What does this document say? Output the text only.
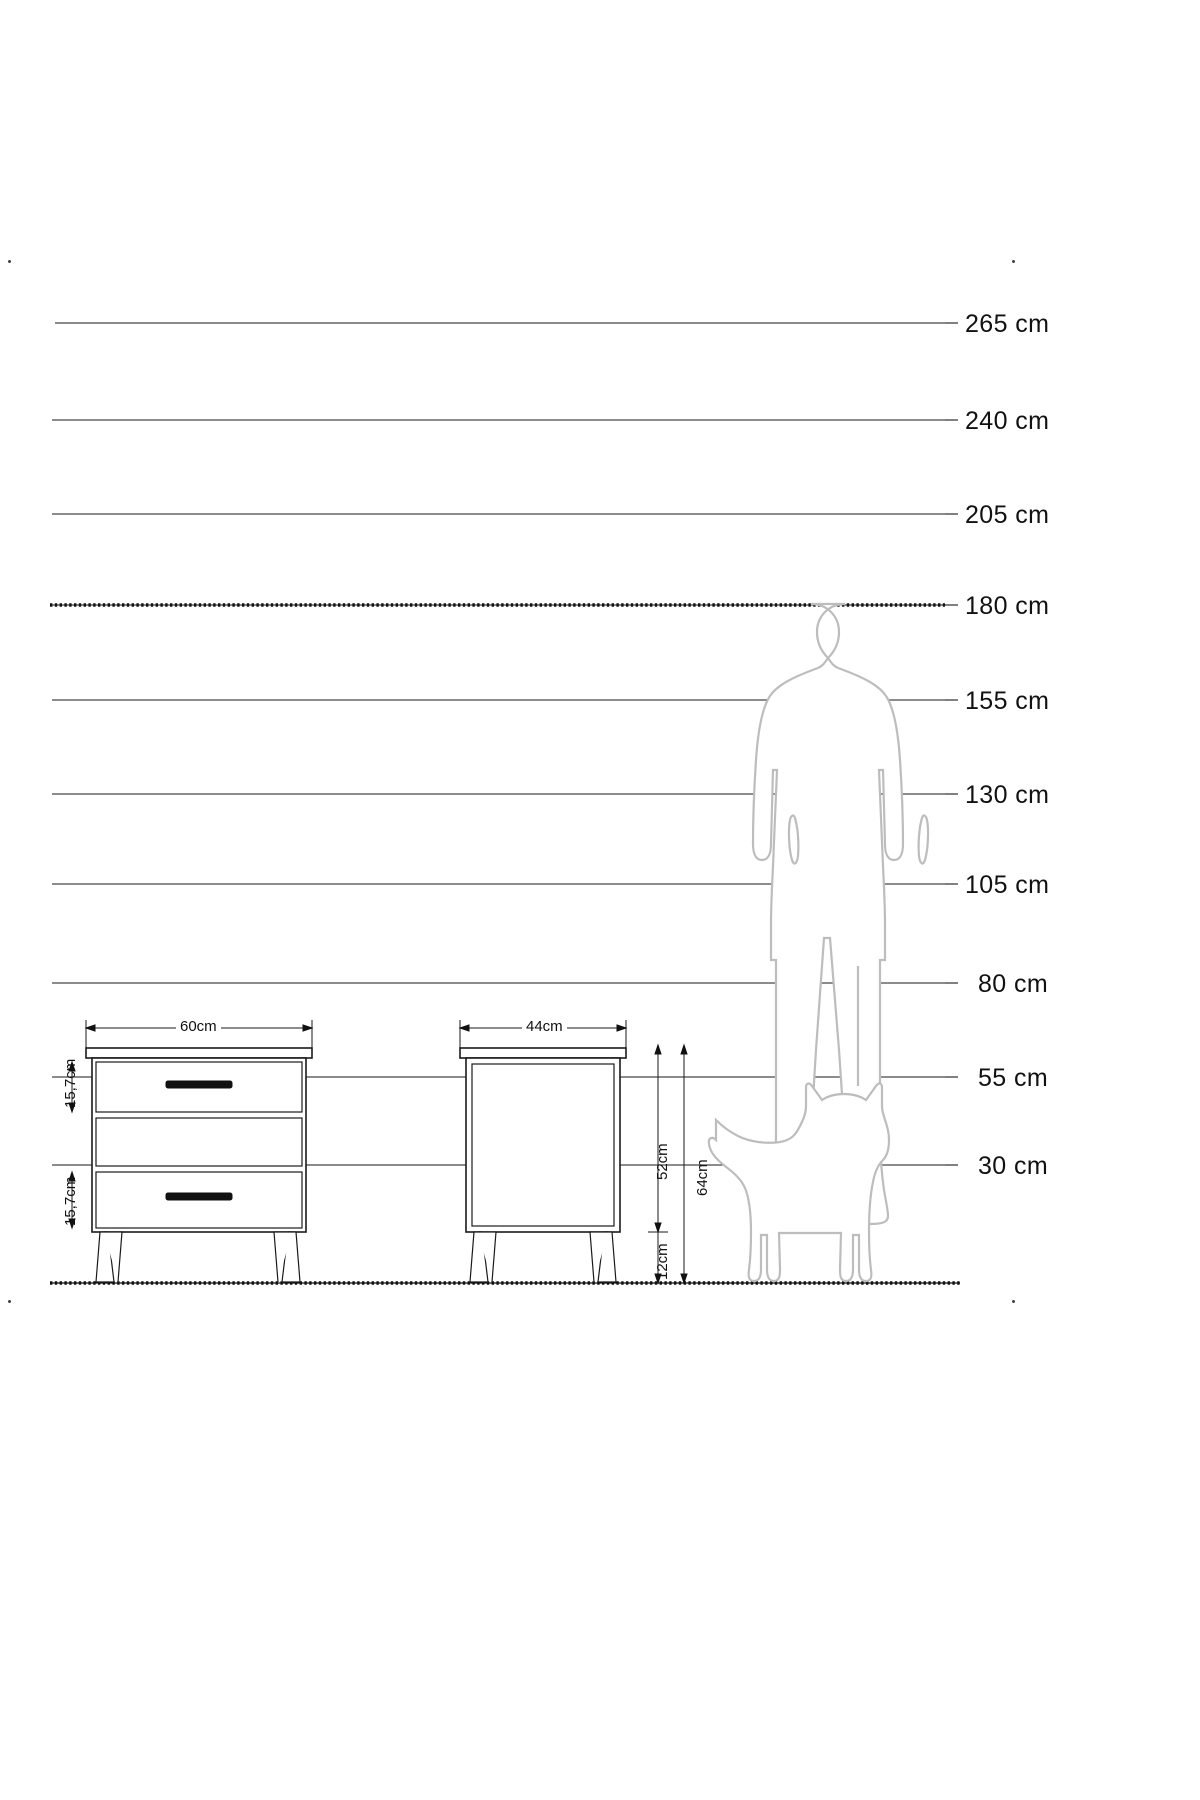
265 cm
240 cm
205 cm
180 cm
155 cm
130 cm
105 cm
80 cm
55 cm
30 cm
60cm	44cm
15,7cm
15,7cm
52cm 64cm
12cm
